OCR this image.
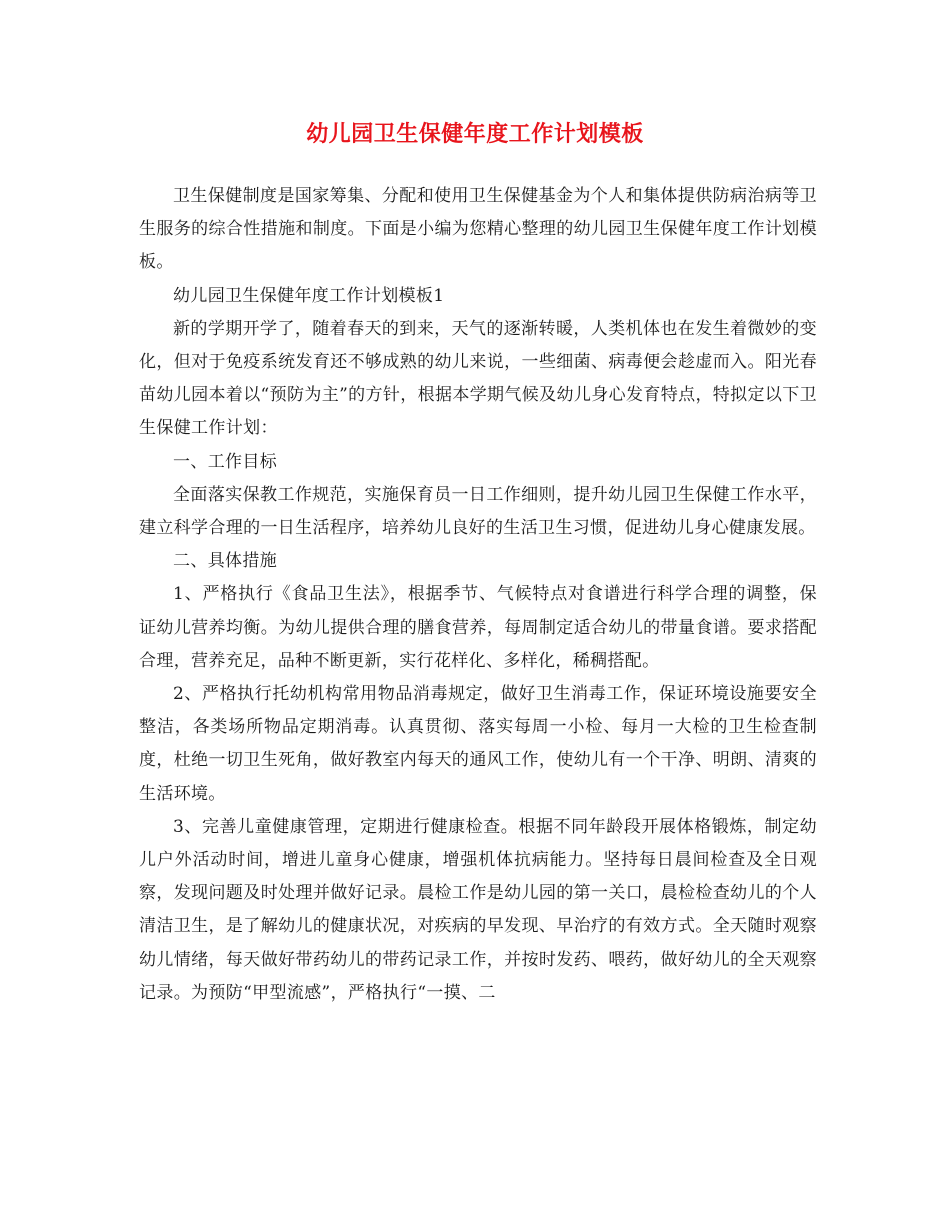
幼儿园卫生保健年度工作计划模板

卫生保健制度是国家筹集、分配和使用卫生保健基金为个人和集体提供防病治病等卫生服务的综合性措施和制度。下面是小编为您精心整理的幼儿园卫生保健年度工作计划模板。

幼儿园卫生保健年度工作计划模板1

新的学期开学了，随着春天的到来，天气的逐渐转暖，人类机体也在发生着微妙的变化，但对于免疫系统发育还不够成熟的幼儿来说，一些细菌、病毒便会趁虚而入。阳光春苗幼儿园本着以“预防为主”的方针，根据本学期气候及幼儿身心发育特点，特拟定以下卫生保健工作计划：

一、工作目标

全面落实保教工作规范，实施保育员一日工作细则，提升幼儿园卫生保健工作水平，建立科学合理的一日生活程序，培养幼儿良好的生活卫生习惯，促进幼儿身心健康发展。

二、具体措施

1、严格执行《食品卫生法》，根据季节、气候特点对食谱进行科学合理的调整，保证幼儿营养均衡。为幼儿提供合理的膳食营养，每周制定适合幼儿的带量食谱。要求搭配合理，营养充足，品种不断更新，实行花样化、多样化，稀稠搭配。

2、严格执行托幼机构常用物品消毒规定，做好卫生消毒工作，保证环境设施要安全整洁，各类场所物品定期消毒。认真贯彻、落实每周一小检、每月一大检的卫生检查制度，杜绝一切卫生死角，做好教室内每天的通风工作，使幼儿有一个干净、明朗、清爽的生活环境。

3、完善儿童健康管理，定期进行健康检查。根据不同年龄段开展体格锻炼，制定幼儿户外活动时间，增进儿童身心健康，增强机体抗病能力。坚持每日晨间检查及全日观察，发现问题及时处理并做好记录。晨检工作是幼儿园的第一关口，晨检检查幼儿的个人清洁卫生，是了解幼儿的健康状况，对疾病的早发现、早治疗的有效方式。全天随时观察幼儿情绪，每天做好带药幼儿的带药记录工作，并按时发药、喂药，做好幼儿的全天观察记录。为预防“甲型流感”，严格执行“一摸、二
